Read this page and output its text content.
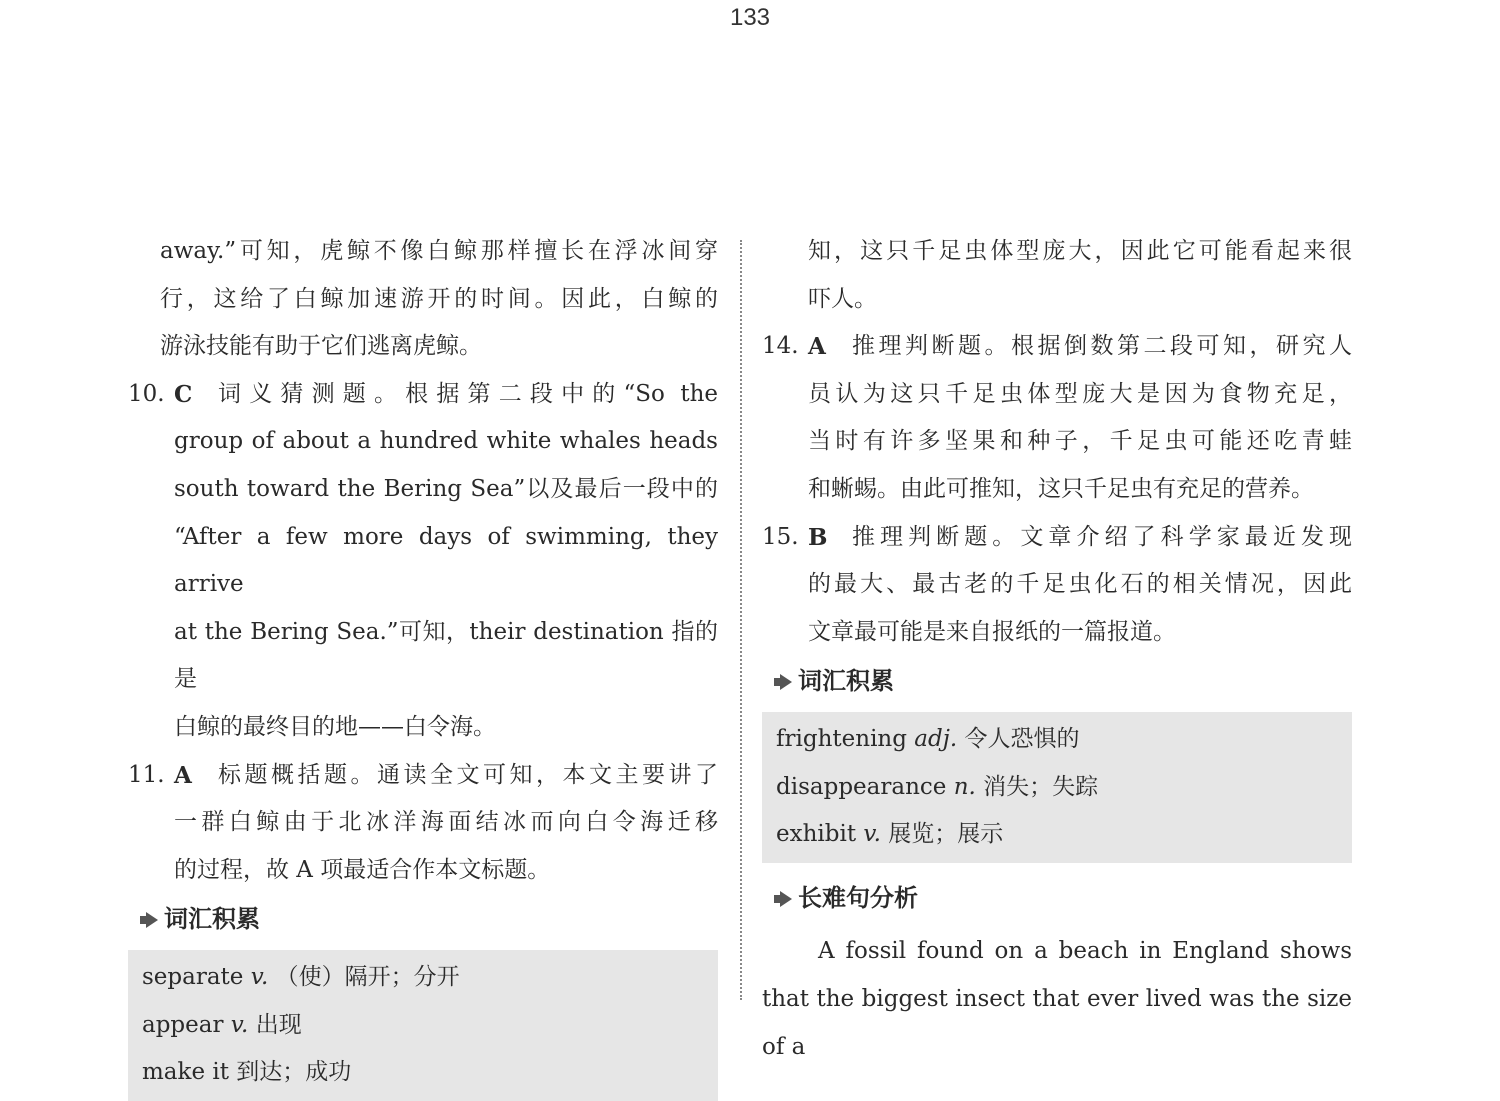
133
away.”可知，虎鲸不像白鲸那样擅长在浮冰间穿
行，这给了白鲸加速游开的时间。因此，白鲸的
游泳技能有助于它们逃离虎鲸。
10. C	词义猜测题。根据第二段中的“So the
group of about a hundred white whales heads
south toward the Bering Sea”以及最后一段中的
“After a few more days of swimming, they arrive
at the Bering Sea.”可知，their destination 指的是
白鲸的最终目的地——白令海。
11. A	标题概括题。通读全文可知，本文主要讲了
一群白鲸由于北冰洋海面结冰而向白令海迁移
的过程，故 A 项最适合作本文标题。
词汇积累
separate v. （使）隔开；分开
appear v. 出现
make it 到达；成功
知，这只千足虫体型庞大，因此它可能看起来很
吓人。
14. A	推理判断题。根据倒数第二段可知，研究人
员认为这只千足虫体型庞大是因为食物充足，
当时有许多坚果和种子，千足虫可能还吃青蛙
和蜥蜴。由此可推知，这只千足虫有充足的营养。
15. B	推理判断题。文章介绍了科学家最近发现
的最大、最古老的千足虫化石的相关情况，因此
文章最可能是来自报纸的一篇报道。
词汇积累
frightening adj. 令人恐惧的
disappearance n. 消失；失踪
exhibit v. 展览；展示
长难句分析
A fossil found on a beach in England shows that the biggest insect that ever lived was the size of a
